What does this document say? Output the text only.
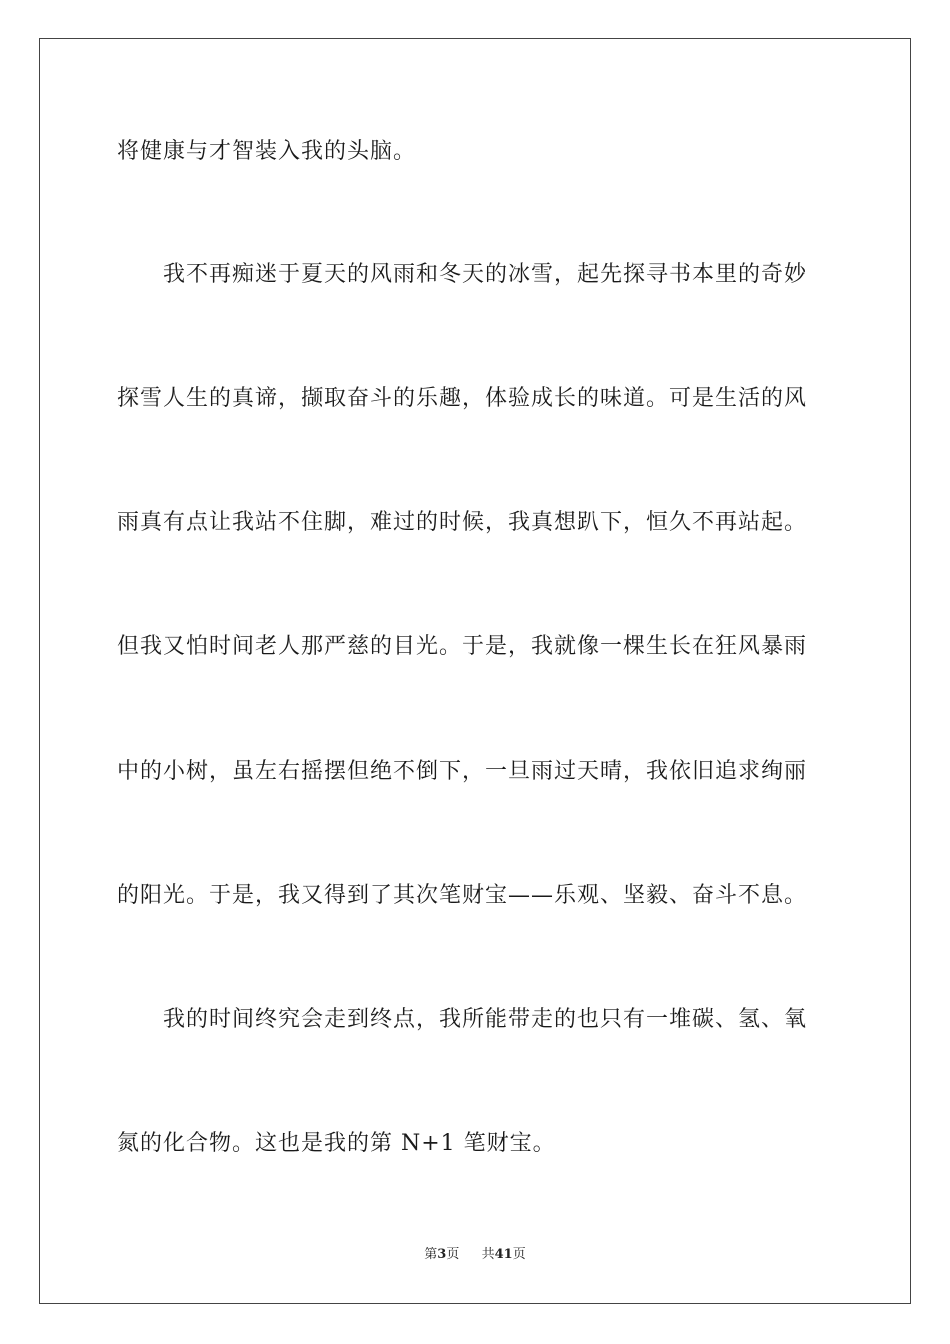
将健康与才智装入我的头脑。
我不再痴迷于夏天的风雨和冬天的冰雪，起先探寻书本里的奇妙
探雪人生的真谛，撷取奋斗的乐趣，体验成长的味道。可是生活的风
雨真有点让我站不住脚，难过的时候，我真想趴下，恒久不再站起。
但我又怕时间老人那严慈的目光。于是，我就像一棵生长在狂风暴雨
中的小树，虽左右摇摆但绝不倒下，一旦雨过天晴，我依旧追求绚丽
的阳光。于是，我又得到了其次笔财宝——乐观、坚毅、奋斗不息。
我的时间终究会走到终点，我所能带走的也只有一堆碳、氢、氧
氮的化合物。这也是我的第 N+1 笔财宝。
第3页 共41页
